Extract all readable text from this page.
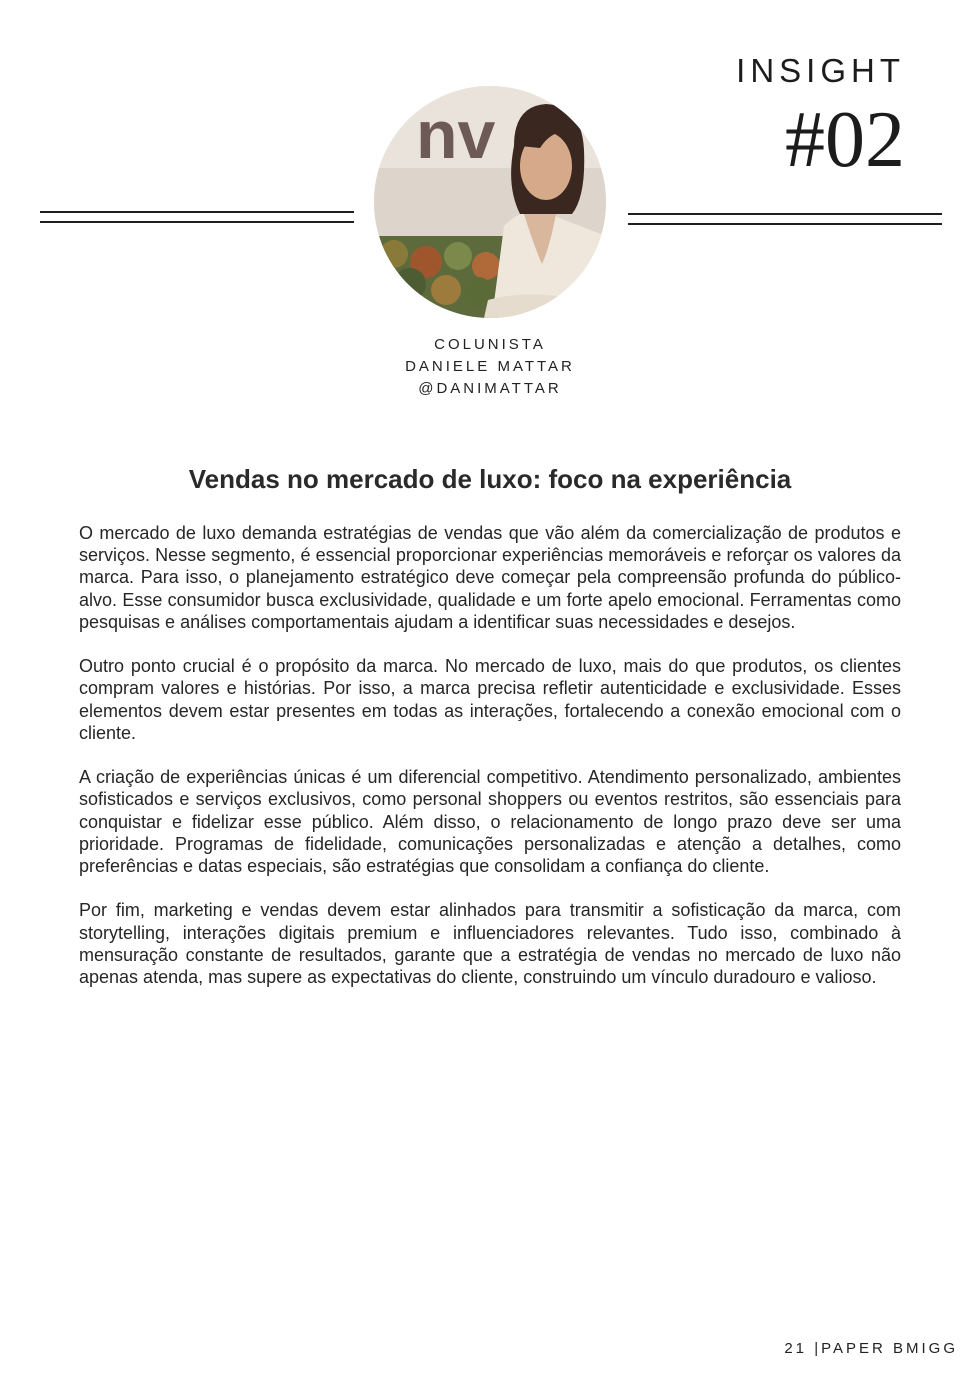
INSIGHT
#02
nv
COLUNISTA
DANIELE MATTAR
@DANIMATTAR
Vendas no mercado de luxo: foco na experiência

O mercado de luxo demanda estratégias de vendas que vão além da comercialização de produtos e serviços. Nesse segmento, é essencial proporcionar experiências memoráveis e reforçar os valores da marca. Para isso, o planejamento estratégico deve começar pela compreensão profunda do público-alvo. Esse consumidor busca exclusividade, qualidade e um forte apelo emocional. Ferramentas como pesquisas e análises comportamentais ajudam a identificar suas necessidades e desejos.

Outro ponto crucial é o propósito da marca. No mercado de luxo, mais do que produtos, os clientes compram valores e histórias. Por isso, a marca precisa refletir autenticidade e exclusividade. Esses elementos devem estar presentes em todas as interações, fortalecendo a conexão emocional com o cliente.

A criação de experiências únicas é um diferencial competitivo. Atendimento personalizado, ambientes sofisticados e serviços exclusivos, como personal shoppers ou eventos restritos, são essenciais para conquistar e fidelizar esse público. Além disso, o relacionamento de longo prazo deve ser uma prioridade. Programas de fidelidade, comunicações personalizadas e atenção a detalhes, como preferências e datas especiais, são estratégias que consolidam a confiança do cliente.

Por fim, marketing e vendas devem estar alinhados para transmitir a sofisticação da marca, com storytelling, interações digitais premium e influenciadores relevantes. Tudo isso, combinado à mensuração constante de resultados, garante que a estratégia de vendas no mercado de luxo não apenas atenda, mas supere as expectativas do cliente, construindo um vínculo duradouro e valioso.

21 |PAPER BMIGG
